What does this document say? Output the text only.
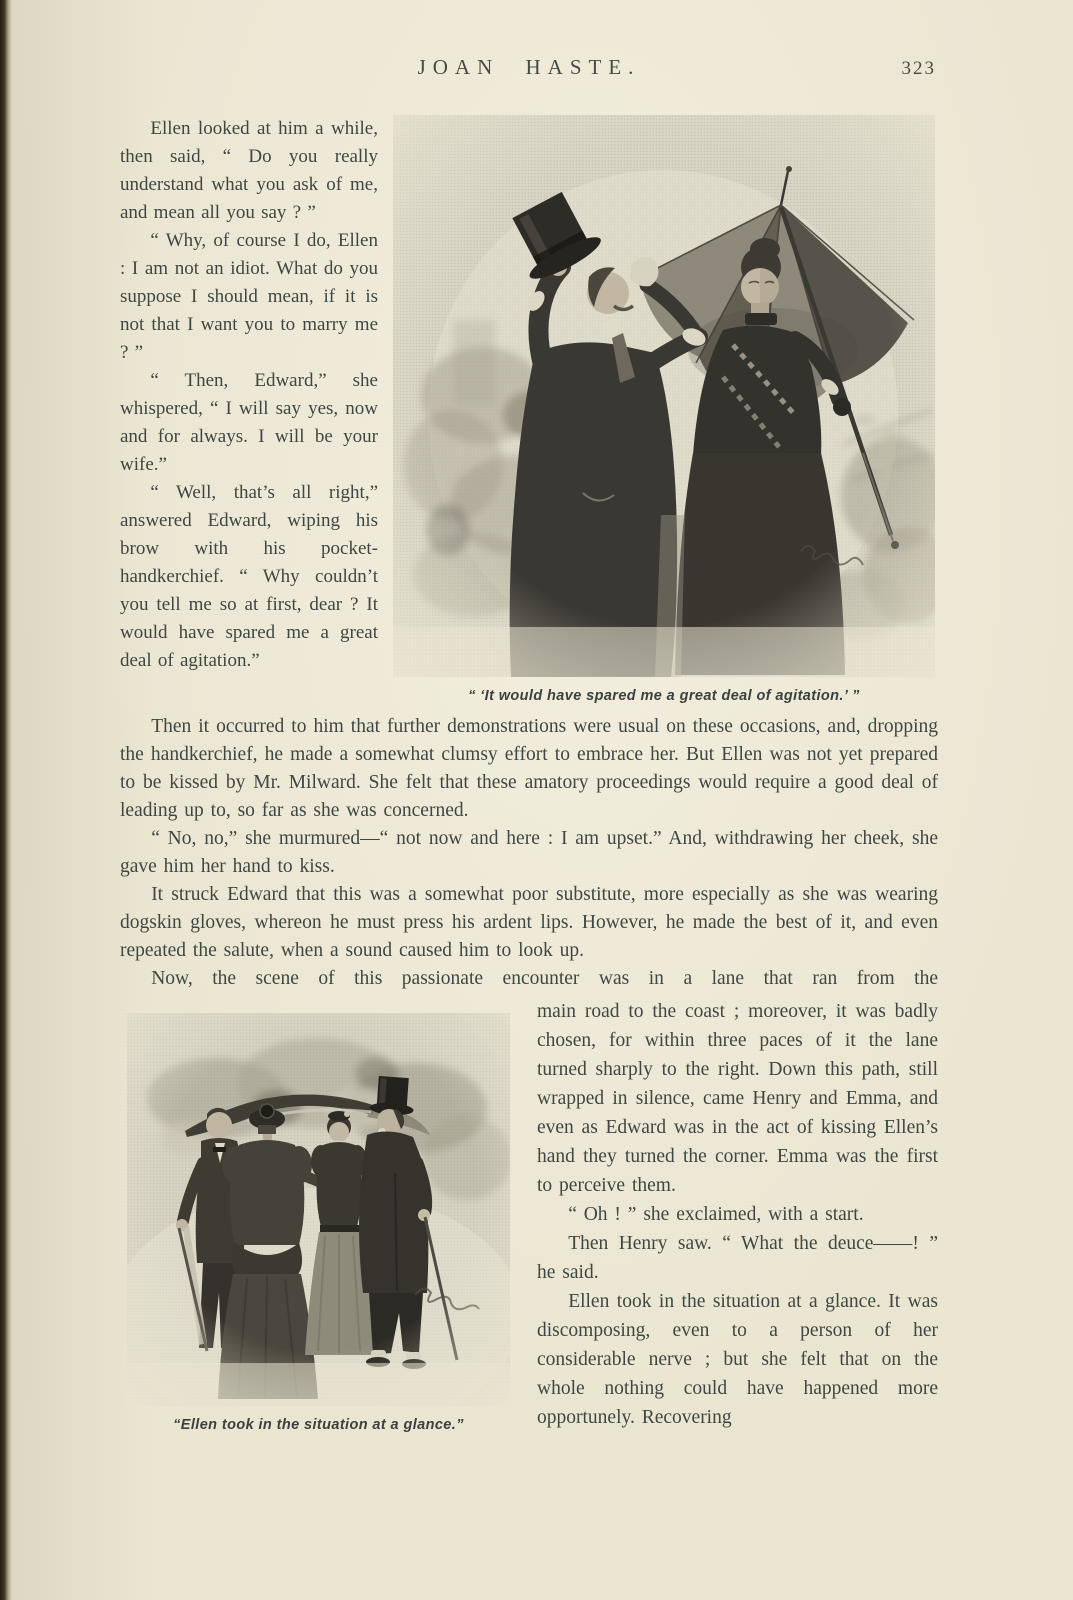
JOAN HASTE.	323

Ellen looked at him a while, then said, “ Do you really understand what you ask of me, and mean all you say ? ”

“ Why, of course I do, Ellen : I am not an idiot. What do you suppose I should mean, if it is not that I want you to marry me ? ”

“ Then, Edward,” she whispered, “ I will say yes, now and for always. I will be your wife.”

“ Well, that’s all right,” answered Edward, wiping his brow with his pocket-handkerchief. “ Why couldn’t you tell me so at first, dear ? It would have spared me a great deal of agitation.”

“ ‘It would have spared me a great deal of agitation.’ ”

Then it occurred to him that further demonstrations were usual on these occasions, and, dropping the handkerchief, he made a somewhat clumsy effort to embrace her. But Ellen was not yet prepared to be kissed by Mr. Milward. She felt that these amatory proceedings would require a good deal of leading up to, so far as she was concerned.

“ No, no,” she murmured—“ not now and here : I am upset.” And, withdrawing her cheek, she gave him her hand to kiss.

It struck Edward that this was a somewhat poor substitute, more especially as she was wearing dogskin gloves, whereon he must press his ardent lips. However, he made the best of it, and even repeated the salute, when a sound caused him to look up.

Now, the scene of this passionate encounter was in a lane that ran from the

“Ellen took in the situation at a glance.”

main road to the coast ; moreover, it was badly chosen, for within three paces of it the lane turned sharply to the right. Down this path, still wrapped in silence, came Henry and Emma, and even as Edward was in the act of kissing Ellen’s hand they turned the corner. Emma was the first to perceive them.

“ Oh ! ” she exclaimed, with a start.

Then Henry saw. “ What the deuce——! ” he said.

Ellen took in the situation at a glance. It was discomposing, even to a person of her considerable nerve ; but she felt that on the whole nothing could have happened more opportunely. Recovering
